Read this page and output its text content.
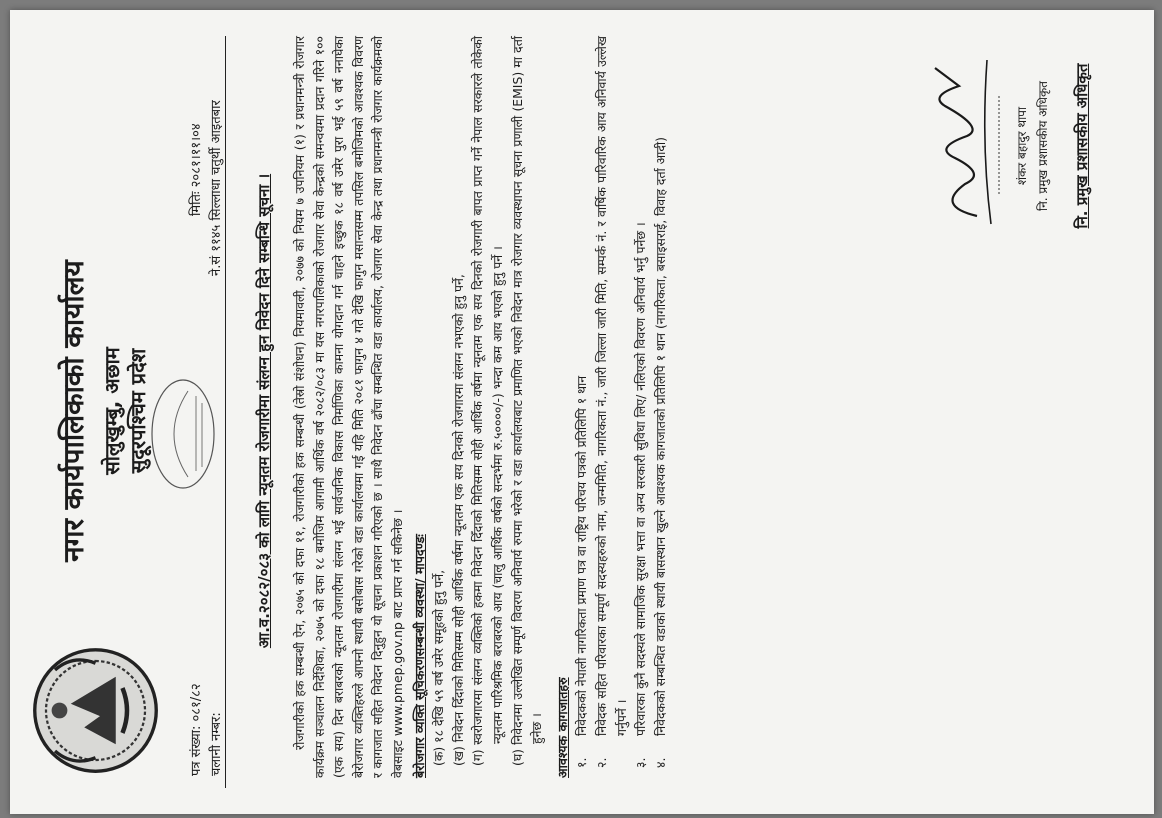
नगर कार्यपालिकाको कार्यालय सोलुखुम्बु, अछाम सुदूरपश्चिम प्रदेश
पत्र संख्या: ०८१/८२ चलानी नम्बर:
मितिः २०८१।११।०४ ने.सं ११४५ सिल्लाधा चतुर्थी आइतबार आ.व.२०८२/०८३ को लागि न्यूनतम रोजगारीमा संलग्न हुन निवेदन दिने सम्बन्धि सूचना । रोजगारीको हक सम्बन्धी ऐन, २०७५ को दफा ११, रोजगारीको हक सम्बन्धी (तेस्रो संशोधन) नियमावली, २०७७ को नियम ७ उपनियम (१) र प्रधानमन्त्री रोजगार कार्यक्रम सञ्चालन निर्देशिका, २०७५ को दफा १८ बमोजिम आगामी आर्थिक वर्ष २०८२/०८३ मा यस नगरपालिकाको रोजगार सेवा केन्द्रको समन्वयमा प्रदान गरिने १०० (एक सय) दिन बराबरको न्यूनतम रोजगारीमा संलग्न भई सार्वजनिक विकास निर्माणिका कामना योगदान गर्न चाहने इच्छुक १८ वर्ष उमेर पुरा भई ५९ वर्ष ननाघेका बेरोजगार व्यक्तिहरुले आफ्नो स्थायी बसोबास गरेको वडा कार्यालयमा गई यहि मिति २०८१ फागुन ४ गते देखि फागुन मसान्तसम्म तपसिल बमोजिमको आवश्यक विवरण र कागजात सहित निवेदन दिनुहुन यो सूचना प्रकाशन गरिएको छ । साथै निवेदन ढाँचा सम्बन्धित वडा कार्यालय, रोजगार सेवा केन्द्र तथा प्रधानमन्त्री रोजगार कार्यक्रमको वेबसाइट www.pmep.gov.np बाट प्राप्त गर्न सकिनेछ । बेरोजगार व्यक्ति सूचिकरणसम्बन्धी व्यवस्था/ मापदण्डः (क) १८ देखि ५९ वर्ष उमेर समूहको हुनु पर्ने, (ख) निवेदन दिँदाको मितिसम्म सोही आर्थिक वर्षमा न्यूनतम एक सय दिनको रोजगारमा संलग्न नभएको हुनु पर्ने, (ग) स्वरोजगारमा संलग्न व्यक्तिको हकमा निवेदन दिँदाको मितिसम्म सोही आर्थिक वर्षमा न्यूनतम एक सय दिनको रोजगारी बापत प्राप्त गर्ने नेपाल सरकारले तोकेको न्यूनतम पारिश्रमिक बराबरको आय (चालु आर्थिक वर्षको सन्दर्भमा रु.५००००/-) भन्दा कम आय भएको हुनु पर्ने । (घ) निवेदनमा उल्लेखित सम्पूर्ण विवरण अनिवार्य रुपमा भरेको र वडा कार्यालयबाट प्रमाणित भएको निवेदन मात्र रोजगार व्यवस्थापन सूचना प्रणाली (EMIS) मा दर्ता हुनेछ । आवश्यक कागजातहरु १.
निवेदकको नेपाली नागरिकता प्रमाण पत्र वा राष्ट्रिय परिचय पत्रको प्रतिलिपि १ थान
२.
निवेदक सहित परिवारका सम्पूर्ण सदस्यहरुको नाम, जन्ममिति, नागरिकता नं., जारी जिल्ला जारी मिति, सम्पर्क नं. र वार्षिक पारिवारिक आय अनिवार्य उल्लेख गर्नुपर्ने ।
३.
परिवारका कुनै सदस्यले सामाजिक सुरक्षा भत्ता वा अन्य सरकारी सुविधा लिए/ नलिएको विवरण अनिवार्य भर्नु पर्नेछ ।
४.
निवेदकको सम्बन्धित वडाको स्थायी बासस्थान खुल्ने आवश्यक कागजातको प्रतिलिपि १ थान (नागरिकता, बसाइसराई, विवाह दर्ता आदी)	शंकर बहादुर थापा नि. प्रमुख प्रशासकीय अधिकृत नि. प्रमुख प्रशासकीय अधिकृत
